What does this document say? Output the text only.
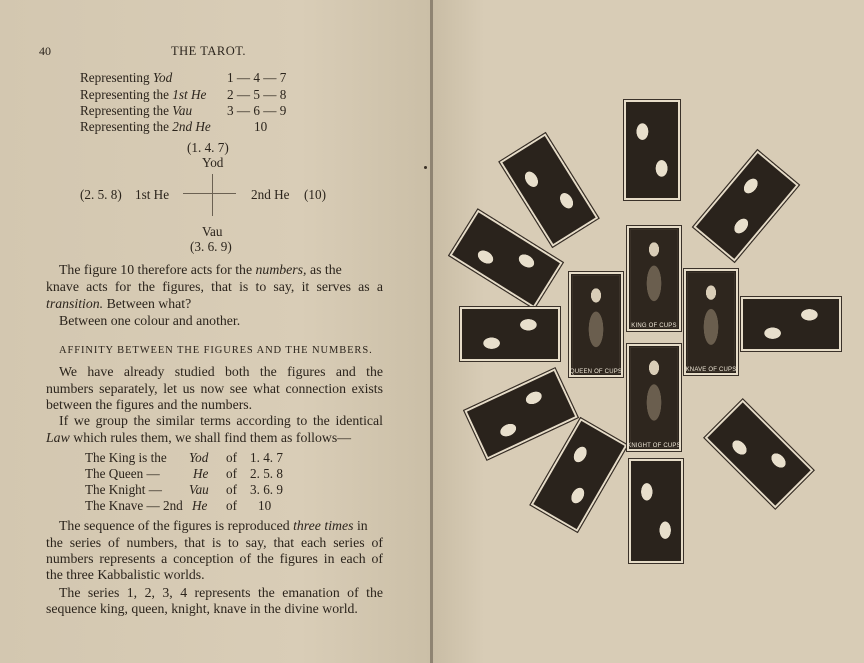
40	THE TAROT.
Representing Yod	1 — 4 — 7
Representing the 1st He 2 — 5 — 8
Representing the Vau	3 — 6 — 9
Representing the 2nd He	10
(1. 4. 7)
Yod
(2. 5. 8) 1st He	2nd He (10)
Vau
(3. 6. 9)
The figure 10 therefore acts for the numbers, as the
knave acts for the figures, that is to say, it serves as a
transition. Between what?
Between one colour and another.
AFFINITY BETWEEN THE FIGURES AND THE NUMBERS.
We have already studied both the figures and the
numbers separately, let us now see what connection exists
between the figures and the numbers.
If we group the similar terms according to the identical
Law which rules them, we shall find them as follows—
The King is the Yod of 1. 4. 7
The Queen —	He of 2. 5. 8
The Knight — Vau of 3. 6. 9
The Knave — 2nd He of 10
The sequence of the figures is reproduced three times in
the series of numbers, that is to say, that each series of
numbers represents a conception of the figures in each of
the three Kabbalistic worlds.
The series 1, 2, 3, 4 represents the emanation of the
sequence king, queen, knight, knave in the divine world.
KING OF CUPS
QUEEN OF CUPS	KNAVE OF CUPS
KNIGHT OF CUPS
